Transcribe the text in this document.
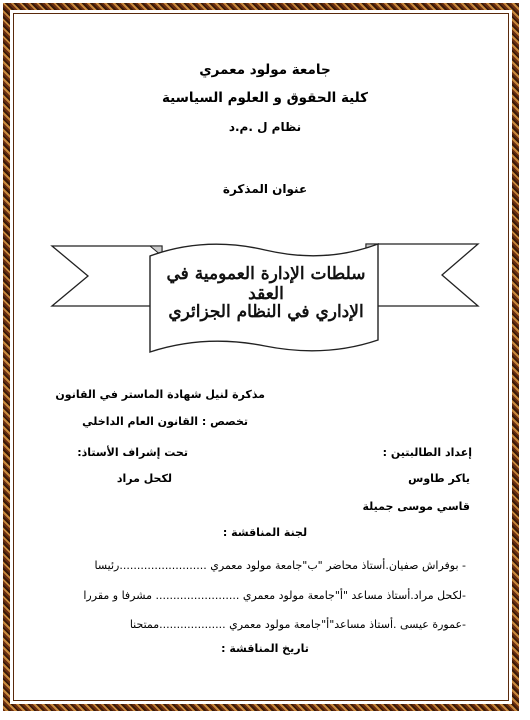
جامعة مولود معمري
كلية الحقوق و العلوم السياسية
نظام ل .م.د
عنوان المذكرة
سلطات الإدارة العمومية في العقد
الإداري في النظام الجزائري
مذكرة لنيل شهادة الماستر في القانون
تخصص : القانون العام الداخلي
إعداد الطالبتين :
تحت إشراف الأستاذ:
ياكر طاوس
لكحل مراد
قاسي موسى جميلة
لجنة المناقشة :
- بوفراش صفيان.أستاذ محاضر "ب"جامعة مولود معمري .........................رئيسا
-لكحل مراد.أستاذ مساعد "أ"جامعة مولود معمري ........................ مشرفا و مقررا
-عمورة عيسى .أستاذ مساعد"أ"جامعة مولود معمري ...................ممتحنا
تاريخ المناقشة :
